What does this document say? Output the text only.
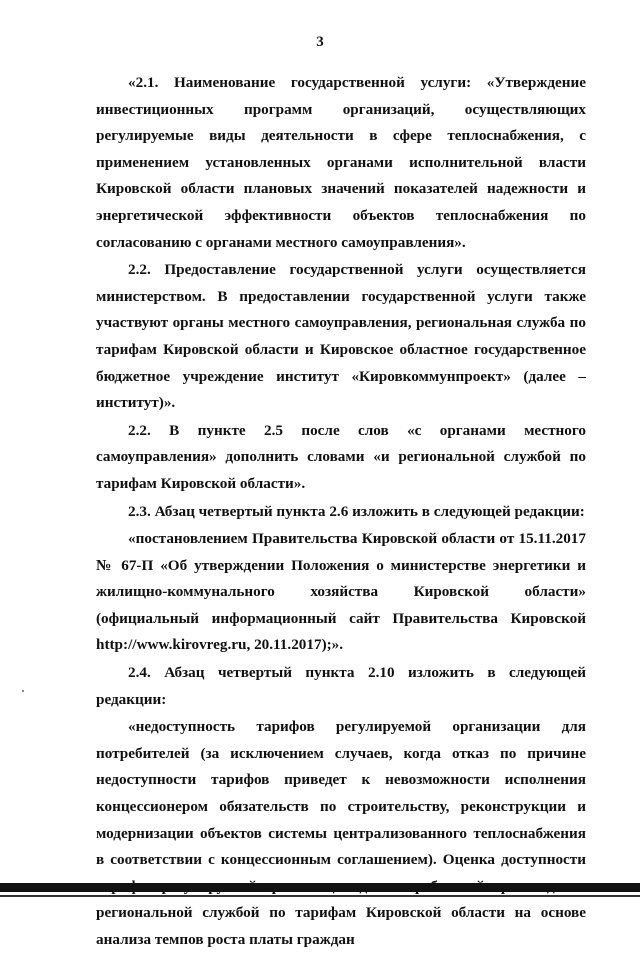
3

«2.1. Наименование государственной услуги: «Утверждение инвестиционных программ организаций, осуществляющих регулируемые виды деятельности в сфере теплоснабжения, с применением установленных органами исполнительной власти Кировской области плановых значений показателей надежности и энергетической эффективности объектов теплоснабжения по согласованию с органами местного самоуправления».

2.2. Предоставление государственной услуги осуществляется министерством. В предоставлении государственной услуги также участвуют органы местного самоуправления, региональная служба по тарифам Кировской области и Кировское областное государственное бюджетное учреждение институт «Кировкоммунпроект» (далее – институт)».

2.2. В пункте 2.5 после слов «с органами местного самоуправления» дополнить словами «и региональной службой по тарифам Кировской области».

2.3. Абзац четвертый пункта 2.6 изложить в следующей редакции:

«постановлением Правительства Кировской области от 15.11.2017 № 67-П «Об утверждении Положения о министерстве энергетики и жилищно-коммунального хозяйства Кировской области» (официальный информационный сайт Правительства Кировской http://www.kirovreg.ru, 20.11.2017);».

2.4. Абзац четвертый пункта 2.10 изложить в следующей редакции:

«недоступность тарифов регулируемой организации для потребителей (за исключением случаев, когда отказ по причине недоступности тарифов приведет к невозможности исполнения концессионером обязательств по строительству, реконструкции и модернизации объектов системы централизованного теплоснабжения в соответствии с концессионным соглашением). Оценка доступности региональной службой по тарифам Кировской области на основе анализа темпов роста платы граждан
